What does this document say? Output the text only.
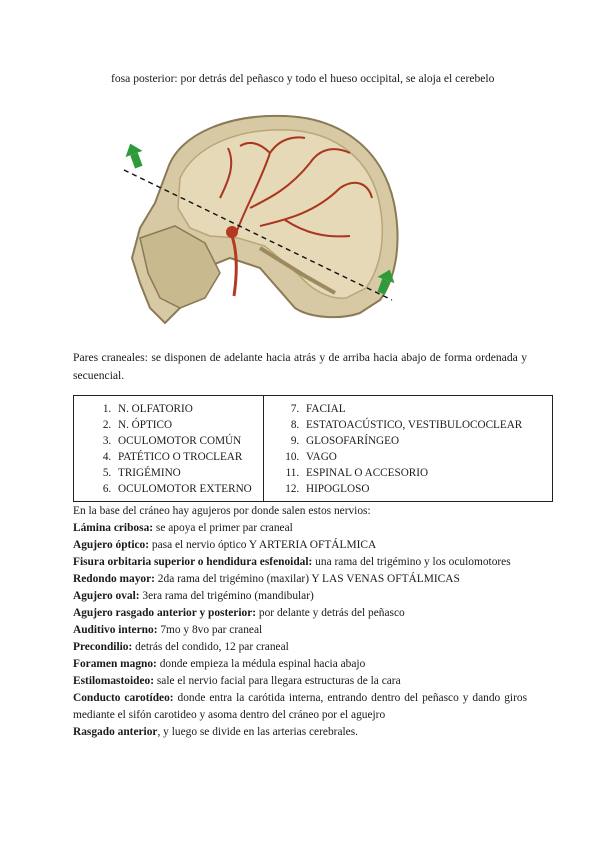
fosa posterior: por detrás del peñasco y todo el hueso occipital, se aloja el cerebelo
Pares craneales: se disponen de adelante hacia atrás y de arriba hacia abajo de forma ordenada y secuencial.
1. N. OLFATORIO
2. N. ÓPTICO
3. OCULOMOTOR COMÚN
4. PATÉTICO O TROCLEAR
5. TRIGÉMINO
6. OCULOMOTOR EXTERNO
7. FACIAL
8. ESTATOACÚSTICO, VESTIBULOCOCLEAR
9. GLOSOFARÍNGEO
10. VAGO
11. ESPINAL O ACCESORIO
12. HIPOGLOSO

En la base del cráneo hay agujeros por donde salen estos nervios:

Lámina cribosa: se apoya el primer par craneal

Agujero óptico: pasa el nervio óptico Y ARTERIA OFTÁLMICA

Fisura orbitaria superior o hendidura esfenoidal: una rama del trigémino y los oculomotores

Redondo mayor: 2da rama del trigémino (maxilar) Y LAS VENAS OFTÁLMICAS

Agujero oval: 3era rama del trigémino (mandibular)

Agujero rasgado anterior y posterior: por delante y detrás del peñasco

Auditivo interno: 7mo y 8vo par craneal

Precondilio: detrás del condido, 12 par craneal

Foramen magno: donde empieza la médula espinal hacia abajo

Estilomastoideo: sale el nervio facial para llegara estructuras de la cara

Conducto carotídeo: donde entra la carótida interna, entrando dentro del peñasco y dando giros mediante el sifón carotideo y asoma dentro del cráneo por el aguejro

Rasgado anterior, y luego se divide en las arterias cerebrales.
